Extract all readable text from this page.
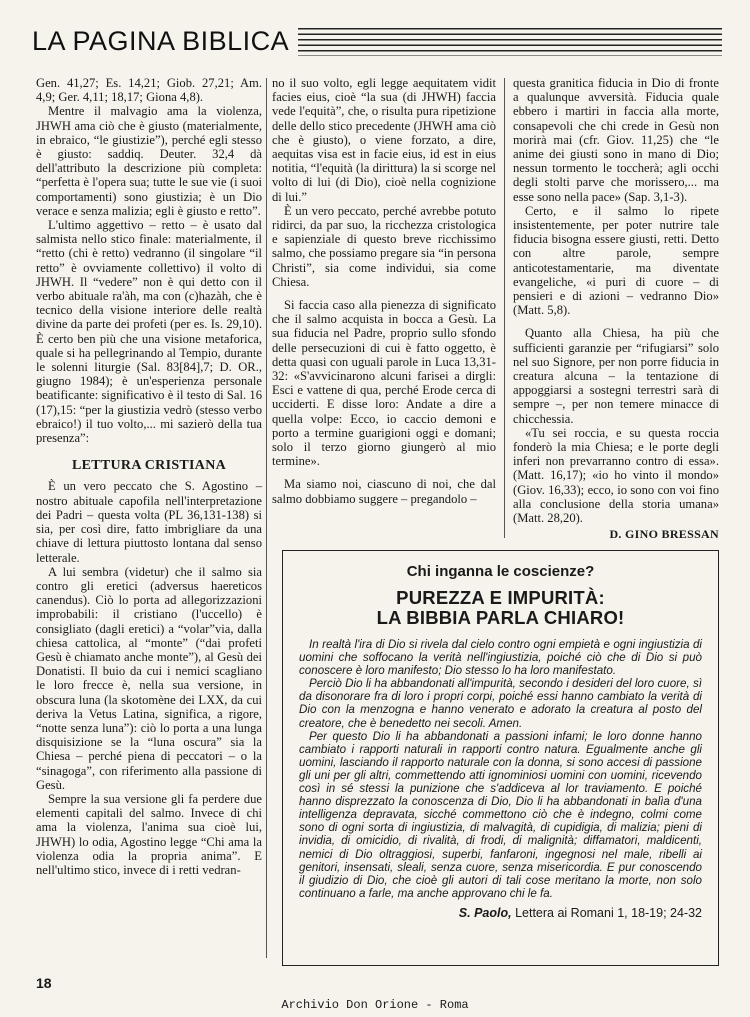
LA PAGINA BIBLICA

Gen. 41,27; Es. 14,21; Giob. 27,21; Am. 4,9; Ger. 4,11; 18,17; Giona 4,8).

Mentre il malvagio ama la violenza, JHWH ama ciò che è giusto (materialmente, in ebraico, “le giustizie”), perché egli stesso è giusto: saddiq. Deuter. 32,4 dà dell'attributo la descrizione più completa: “perfetta è l'opera sua; tutte le sue vie (i suoi comportamenti) sono giustizia; è un Dio verace e senza malizia; egli è giusto e retto”.

L'ultimo aggettivo – retto – è usato dal salmista nello stico finale: materialmente, il “retto (chi è retto) vedranno (il singolare “il retto” è ovviamente collettivo) il volto di JHWH. Il “vedere” non è qui detto con il verbo abituale ra'àh, ma con (c)hazàh, che è tecnico della visione interiore delle realtà divine da parte dei profeti (per es. Is. 29,10). È certo ben più che una visione metaforica, quale si ha pellegrinando al Tempio, durante le solenni liturgie (Sal. 83[84],7; D. OR., giugno 1984); è un'esperienza personale beatificante: significativo è il testo di Sal. 16 (17),15: “per la giustizia vedrò (stesso verbo ebraico!) il tuo volto,... mi sazierò della tua presenza”:

LETTURA CRISTIANA

È un vero peccato che S. Agostino – nostro abituale capofila nell'interpretazione dei Padri – questa volta (PL 36,131-138) si sia, per così dire, fatto imbrigliare da una chiave di lettura piuttosto lontana dal senso letterale.

A lui sembra (videtur) che il salmo sia contro gli eretici (adversus haereticos canendus). Ciò lo porta ad allegorizzazioni improbabili: il cristiano (l'uccello) è consigliato (dagli eretici) a “volar”via, dalla chiesa cattolica, al “monte” (“dai profeti Gesù è chiamato anche monte”), al Gesù dei Donatisti. Il buio da cui i nemici scagliano le loro frecce è, nella sua versione, in obscura luna (la skotomène dei LXX, da cui deriva la Vetus Latina, significa, a rigore, “notte senza luna”): ciò lo porta a una lunga disquisizione se la “luna oscura” sia la Chiesa – perché piena di peccatori – o la “sinagoga”, con riferimento alla passione di Gesù.

Sempre la sua versione gli fa perdere due elementi capitali del salmo. Invece di chi ama la violenza, l'anima sua cioè lui, JHWH) lo odia, Agostino legge “Chi ama la violenza odia la propria anima”. E nell'ultimo stico, invece di i retti vedran-

no il suo volto, egli legge aequitatem vidit facies eius, cioè “la sua (di JHWH) faccia vede l'equità”, che, o risulta pura ripetizione delle dello stico precedente (JHWH ama ciò che è giusto), o viene forzato, a dire, aequitas visa est in facie eius, id est in eius notitia, “l'equità (la dirittura) la si scorge nel volto di lui (di Dio), cioè nella cognizione di lui.”

È un vero peccato, perché avrebbe potuto ridirci, da par suo, la ricchezza cristologica e sapienziale di questo breve ricchissimo salmo, che possiamo pregare sia “in persona Christi”, sia come individui, sia come Chiesa.

Si faccia caso alla pienezza di significato che il salmo acquista in bocca a Gesù. La sua fiducia nel Padre, proprio sullo sfondo delle persecuzioni di cui è fatto oggetto, è detta quasi con uguali parole in Luca 13,31-32: «S'avvicinarono alcuni farisei a dirgli: Esci e vattene di qua, perché Erode cerca di ucciderti. E disse loro: Andate a dire a quella volpe: Ecco, io caccio demoni e porto a termine guarigioni oggi e domani; solo il terzo giorno giungerò al mio termine».

Ma siamo noi, ciascuno di noi, che dal salmo dobbiamo suggere – pregandolo –

questa granitica fiducia in Dio di fronte a qualunque avversità. Fiducia quale ebbero i martiri in faccia alla morte, consapevoli che chi crede in Gesù non morirà mai (cfr. Giov. 11,25) che “le anime dei giusti sono in mano di Dio; nessun tormento le toccherà; agli occhi degli stolti parve che morissero,... ma esse sono nella pace» (Sap. 3,1-3).

Certo, e il salmo lo ripete insistentemente, per poter nutrire tale fiducia bisogna essere giusti, retti. Detto con altre parole, sempre anticotestamentarie, ma diventate evangeliche, «i puri di cuore – di pensieri e di azioni – vedranno Dio» (Matt. 5,8).

Quanto alla Chiesa, ha più che sufficienti garanzie per “rifugiarsi” solo nel suo Signore, per non porre fiducia in creatura alcuna – la tentazione di appoggiarsi a sostegni terrestri sarà di sempre –, per non temere minacce di chicchessia.

«Tu sei roccia, e su questa roccia fonderò la mia Chiesa; e le porte degli inferi non prevarranno contro di essa». (Matt. 16,17); «io ho vinto il mondo» (Giov. 16,33); ecco, io sono con voi fino alla conclusione della storia umana» (Matt. 28,20).

D. GINO BRESSAN
Chi inganna le coscienze?
PUREZZA E IMPURITÀ:
LA BIBBIA PARLA CHIARO!

In realtà l'ira di Dio si rivela dal cielo contro ogni empietà e ogni ingiustizia di uomini che soffocano la verità nell'ingiustizia, poiché ciò che di Dio si può conoscere è loro manifesto; Dio stesso lo ha loro manifestato.

Perciò Dio li ha abbandonati all'impurità, secondo i desideri del loro cuore, sì da disonorare fra di loro i propri corpi, poiché essi hanno cambiato la verità di Dio con la menzogna e hanno venerato e adorato la creatura al posto del creatore, che è benedetto nei secoli. Amen.

Per questo Dio li ha abbandonati a passioni infami; le loro donne hanno cambiato i rapporti naturali in rapporti contro natura. Egualmente anche gli uomini, lasciando il rapporto naturale con la donna, si sono accesi di passione gli uni per gli altri, commettendo atti ignominiosi uomini con uomini, ricevendo così in sé stessi la punizione che s'addiceva al lor traviamento. E poiché hanno disprezzato la conoscenza di Dio, Dio li ha abbandonati in balìa d'una intelligenza depravata, sicché commettono ciò che è indegno, colmi come sono di ogni sorta di ingiustizia, di malvagità, di cupidigia, di malizia; pieni di invidia, di omicidio, di rivalità, di frodi, di malignità; diffamatori, maldicenti, nemici di Dio oltraggiosi, superbi, fanfaroni, ingegnosi nel male, ribelli ai genitori, insensati, sleali, senza cuore, senza misericordia. E pur conoscendo il giudizio di Dio, che cioè gli autori di tali cose meritano la morte, non solo continuano a farle, ma anche approvano chi le fa.

S. Paolo, Lettera ai Romani 1, 18-19; 24-32
18
Archivio Don Orione - Roma
